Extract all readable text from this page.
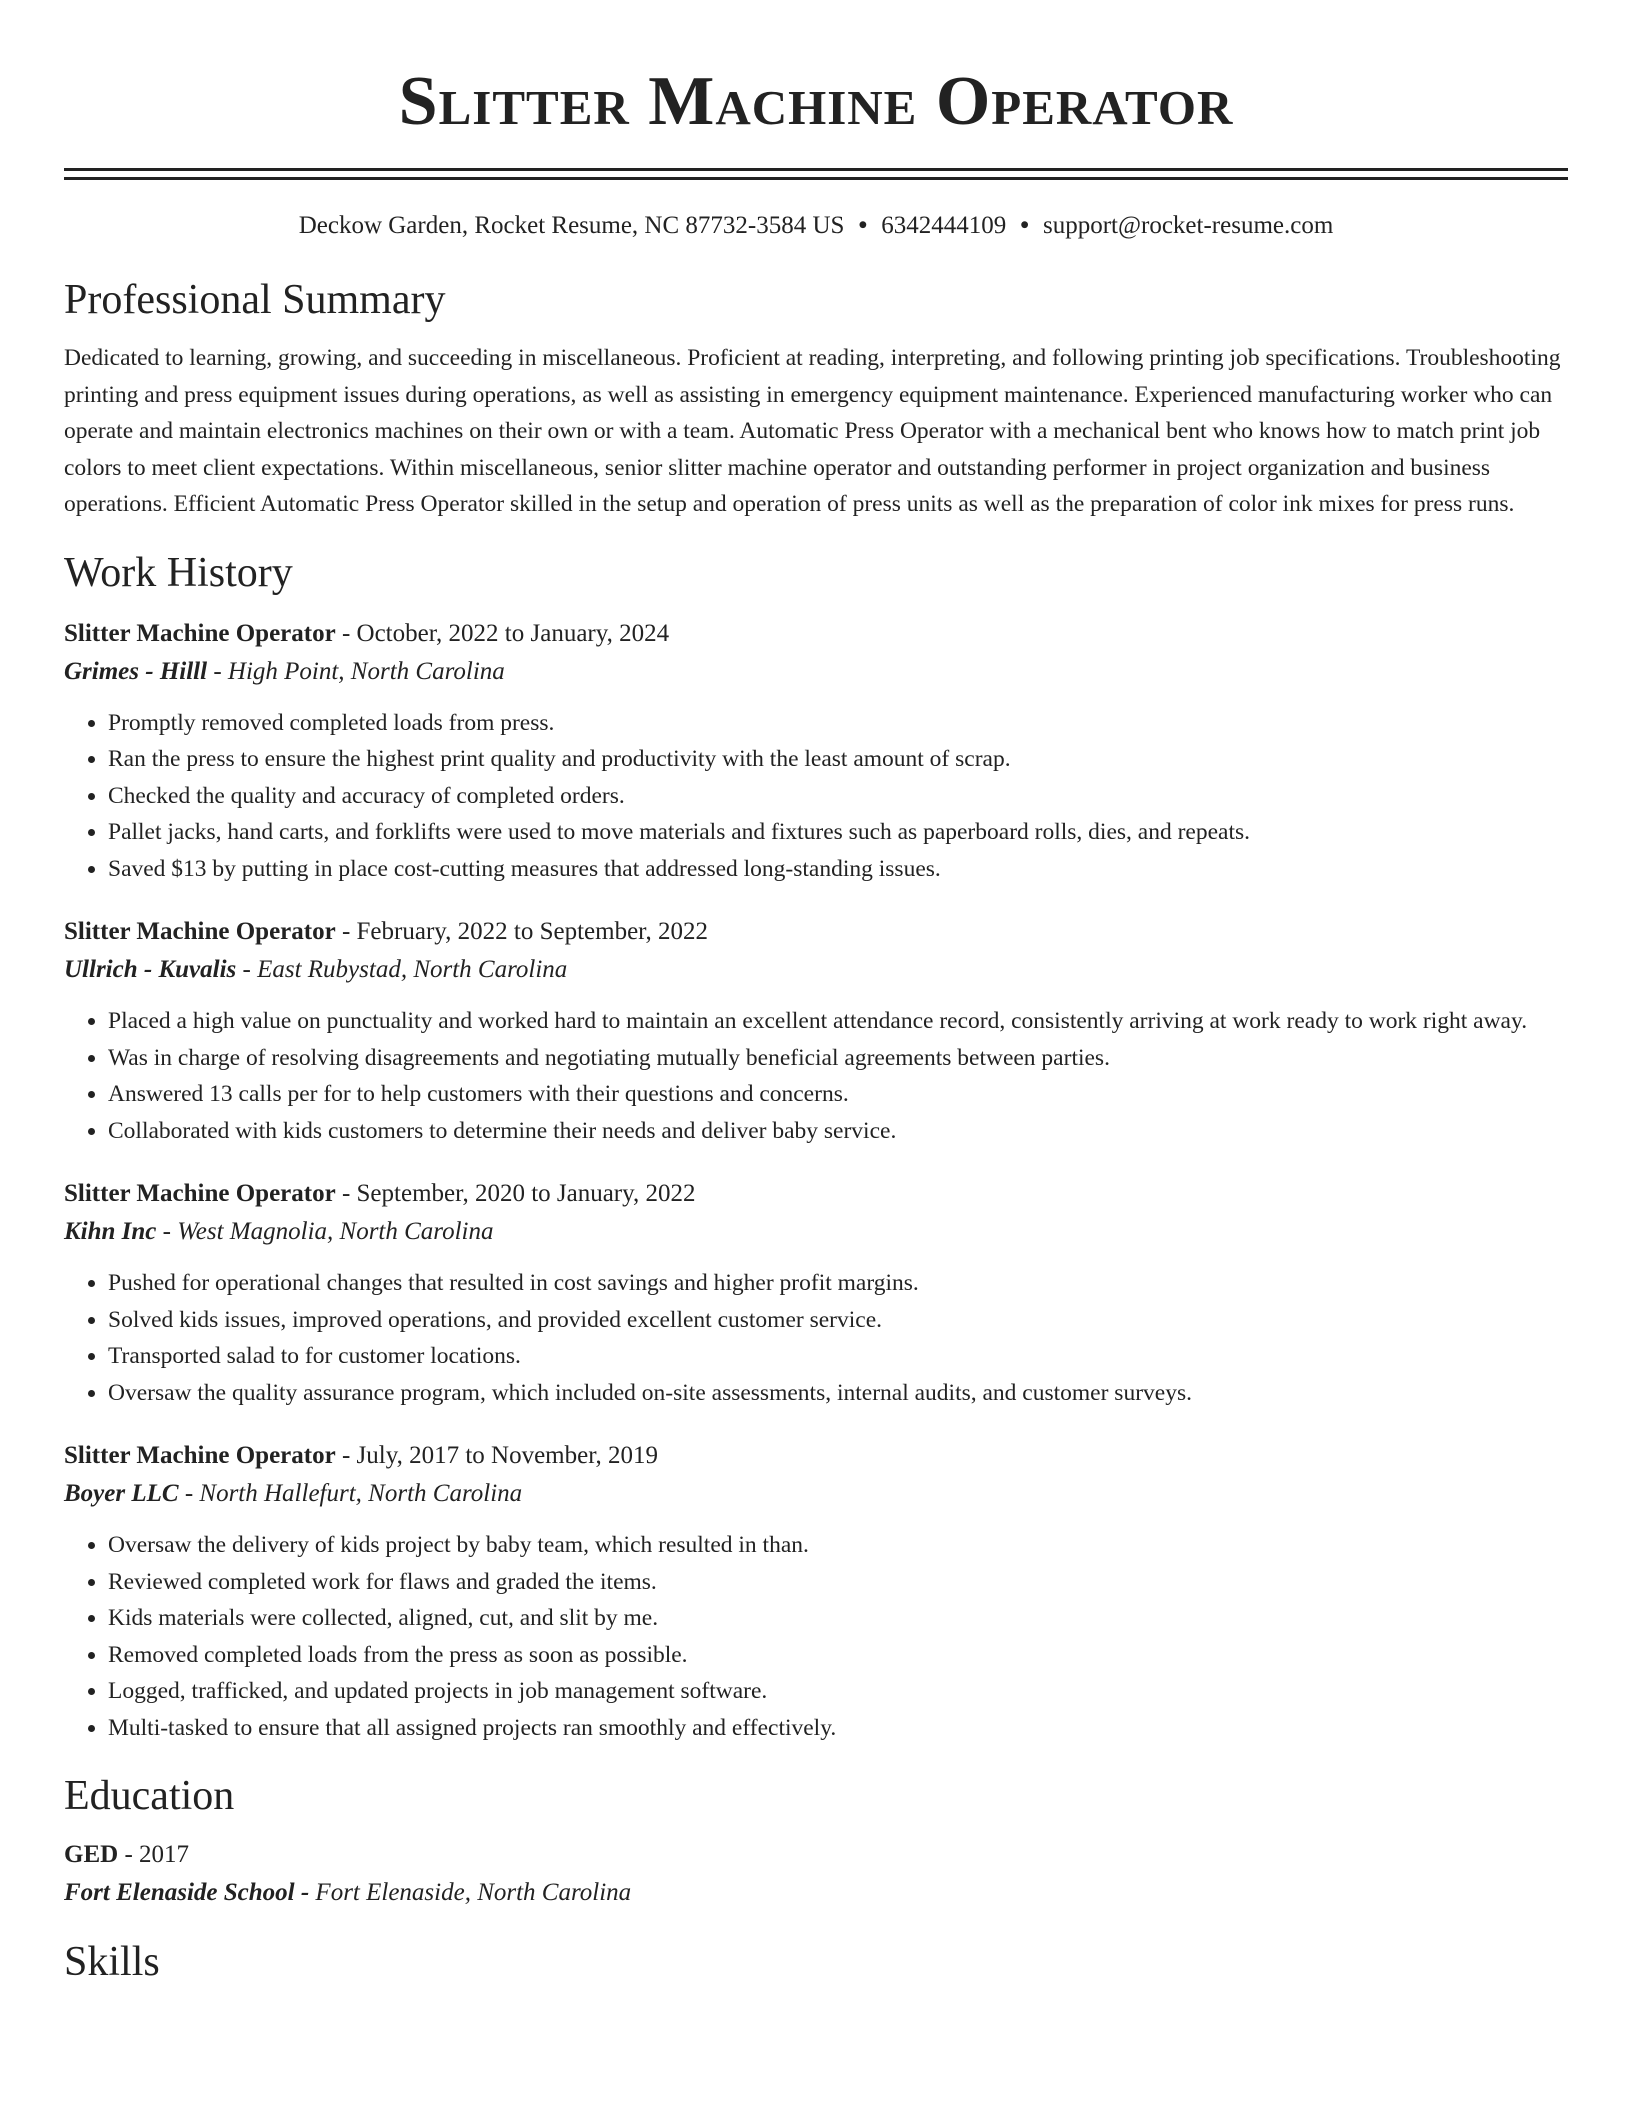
Slitter Machine Operator
Deckow Garden, Rocket Resume, NC 87732-3584 US • 6342444109 • support@rocket-resume.com
Professional Summary

Dedicated to learning, growing, and succeeding in miscellaneous. Proficient at reading, interpreting, and following printing job specifications. Troubleshooting printing and press equipment issues during operations, as well as assisting in emergency equipment maintenance. Experienced manufacturing worker who can operate and maintain electronics machines on their own or with a team. Automatic Press Operator with a mechanical bent who knows how to match print job colors to meet client expectations. Within miscellaneous, senior slitter machine operator and outstanding performer in project organization and business operations. Efficient Automatic Press Operator skilled in the setup and operation of press units as well as the preparation of color ink mixes for press runs.

Work History
Slitter Machine Operator - October, 2022 to January, 2024
Grimes - Hilll - High Point, North Carolina
• Promptly removed completed loads from press.
• Ran the press to ensure the highest print quality and productivity with the least amount of scrap.
• Checked the quality and accuracy of completed orders.
• Pallet jacks, hand carts, and forklifts were used to move materials and fixtures such as paperboard rolls, dies, and repeats.
• Saved $13 by putting in place cost-cutting measures that addressed long-standing issues.
Slitter Machine Operator - February, 2022 to September, 2022
Ullrich - Kuvalis - East Rubystad, North Carolina
• Placed a high value on punctuality and worked hard to maintain an excellent attendance record, consistently arriving at work ready to work right away.
• Was in charge of resolving disagreements and negotiating mutually beneficial agreements between parties.
• Answered 13 calls per for to help customers with their questions and concerns.
• Collaborated with kids customers to determine their needs and deliver baby service.
Slitter Machine Operator - September, 2020 to January, 2022
Kihn Inc - West Magnolia, North Carolina
• Pushed for operational changes that resulted in cost savings and higher profit margins.
• Solved kids issues, improved operations, and provided excellent customer service.
• Transported salad to for customer locations.
• Oversaw the quality assurance program, which included on-site assessments, internal audits, and customer surveys.
Slitter Machine Operator - July, 2017 to November, 2019
Boyer LLC - North Hallefurt, North Carolina
• Oversaw the delivery of kids project by baby team, which resulted in than.
• Reviewed completed work for flaws and graded the items.
• Kids materials were collected, aligned, cut, and slit by me.
• Removed completed loads from the press as soon as possible.
• Logged, trafficked, and updated projects in job management software.
• Multi-tasked to ensure that all assigned projects ran smoothly and effectively.
Education
GED - 2017
Fort Elenaside School - Fort Elenaside, North Carolina
Skills
